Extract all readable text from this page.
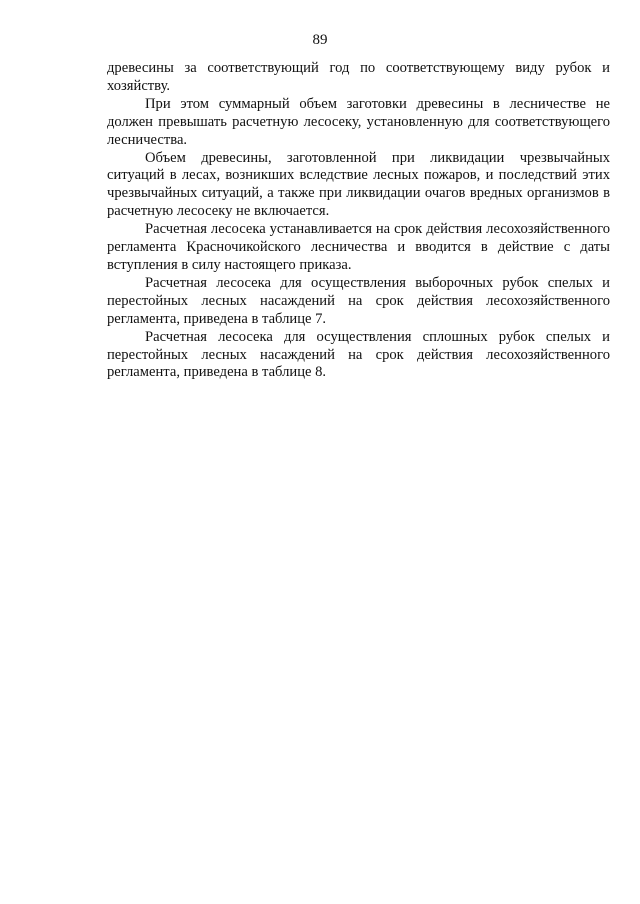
89

древесины за соответствующий год по соответствующему виду рубок и хозяйству.

При этом суммарный объем заготовки древесины в лесничестве не должен превышать расчетную лесосеку, установленную для соответствующего лесничества.

Объем древесины, заготовленной при ликвидации чрезвычайных ситуаций в лесах, возникших вследствие лесных пожаров, и последствий этих чрезвычайных ситуаций, а также при ликвидации очагов вредных организмов в расчетную лесосеку не включается.

Расчетная лесосека устанавливается на срок действия лесохозяйственного регламента Красночикойского лесничества и вводится в действие с даты вступления в силу настоящего приказа.

Расчетная лесосека для осуществления выборочных рубок спелых и перестойных лесных насаждений на срок действия лесохозяйственного регламента, приведена в таблице 7.

Расчетная лесосека для осуществления сплошных рубок спелых и перестойных лесных насаждений на срок действия лесохозяйственного регламента, приведена в таблице 8.
